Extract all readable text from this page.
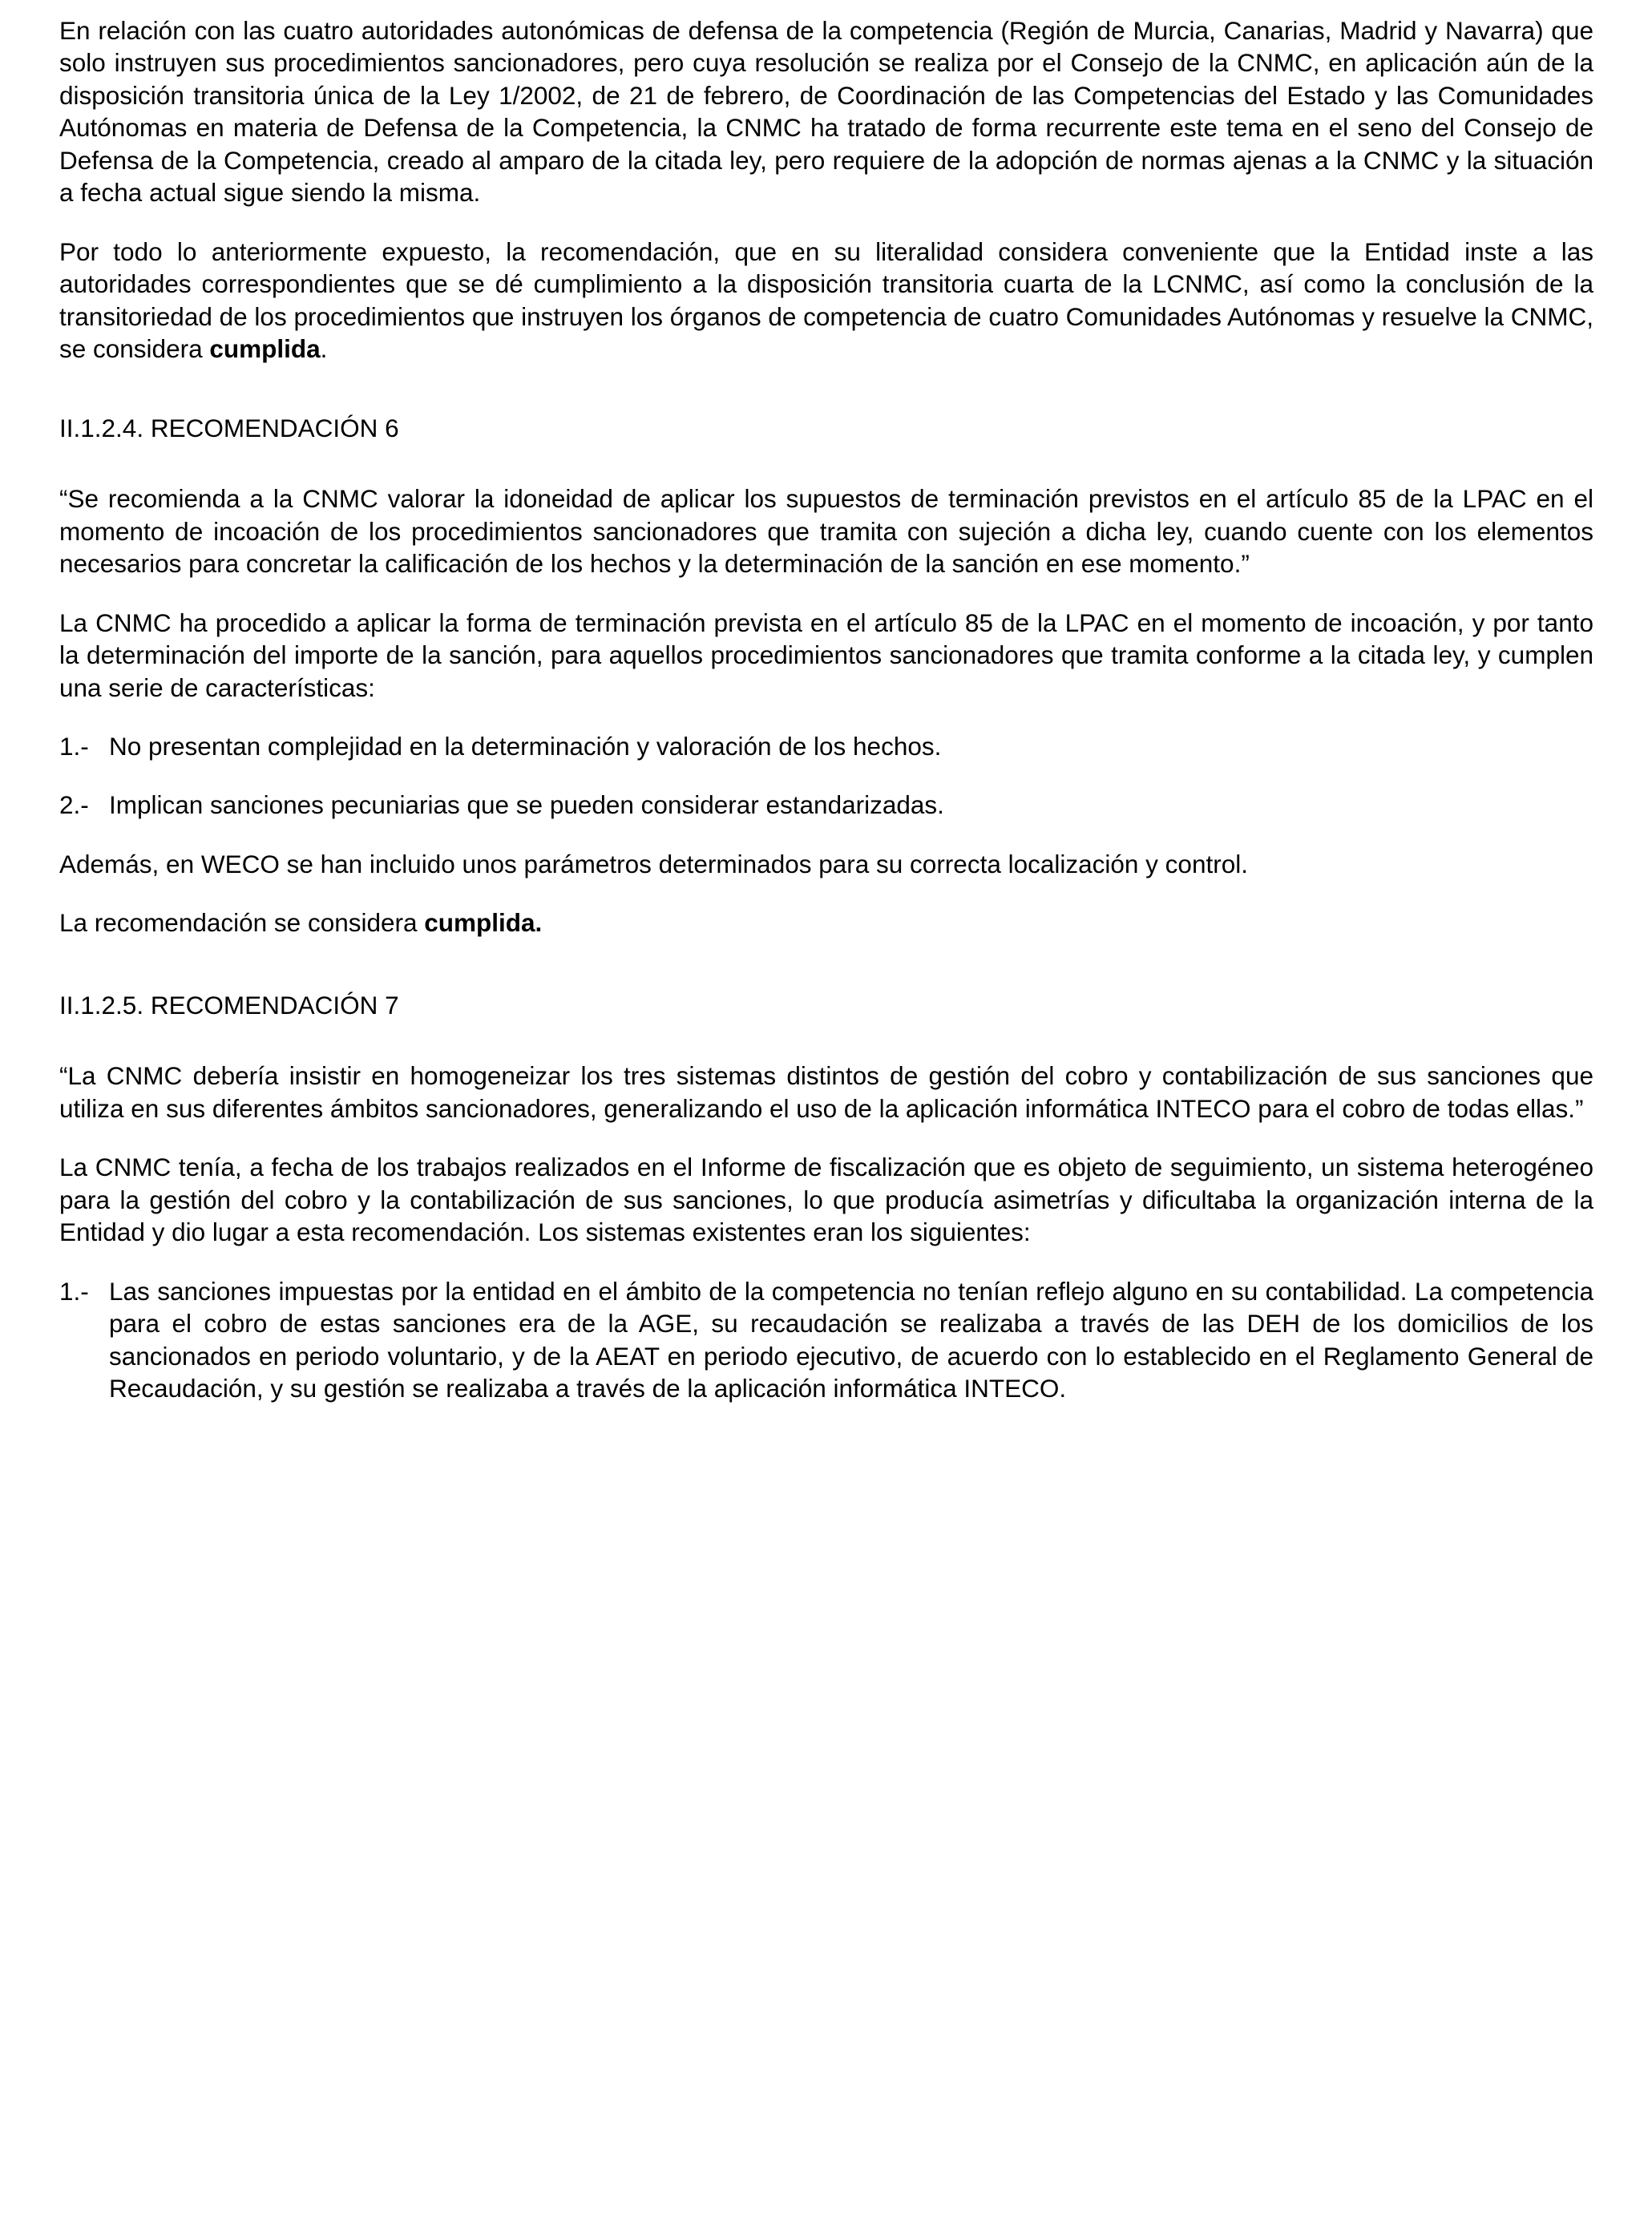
En relación con las cuatro autoridades autonómicas de defensa de la competencia (Región de Murcia, Canarias, Madrid y Navarra) que solo instruyen sus procedimientos sancionadores, pero cuya resolución se realiza por el Consejo de la CNMC, en aplicación aún de la disposición transitoria única de la Ley 1/2002, de 21 de febrero, de Coordinación de las Competencias del Estado y las Comunidades Autónomas en materia de Defensa de la Competencia, la CNMC ha tratado de forma recurrente este tema en el seno del Consejo de Defensa de la Competencia, creado al amparo de la citada ley, pero requiere de la adopción de normas ajenas a la CNMC y la situación a fecha actual sigue siendo la misma.

Por todo lo anteriormente expuesto, la recomendación, que en su literalidad considera conveniente que la Entidad inste a las autoridades correspondientes que se dé cumplimiento a la disposición transitoria cuarta de la LCNMC, así como la conclusión de la transitoriedad de los procedimientos que instruyen los órganos de competencia de cuatro Comunidades Autónomas y resuelve la CNMC, se considera cumplida.

II.1.2.4. RECOMENDACIÓN 6

“Se recomienda a la CNMC valorar la idoneidad de aplicar los supuestos de terminación previstos en el artículo 85 de la LPAC en el momento de incoación de los procedimientos sancionadores que tramita con sujeción a dicha ley, cuando cuente con los elementos necesarios para concretar la calificación de los hechos y la determinación de la sanción en ese momento.”

La CNMC ha procedido a aplicar la forma de terminación prevista en el artículo 85 de la LPAC en el momento de incoación, y por tanto la determinación del importe de la sanción, para aquellos procedimientos sancionadores que tramita conforme a la citada ley, y cumplen una serie de características:

1.- No presentan complejidad en la determinación y valoración de los hechos.
2.- Implican sanciones pecuniarias que se pueden considerar estandarizadas.

Además, en WECO se han incluido unos parámetros determinados para su correcta localización y control.

La recomendación se considera cumplida.

II.1.2.5. RECOMENDACIÓN 7

“La CNMC debería insistir en homogeneizar los tres sistemas distintos de gestión del cobro y contabilización de sus sanciones que utiliza en sus diferentes ámbitos sancionadores, generalizando el uso de la aplicación informática INTECO para el cobro de todas ellas.”

La CNMC tenía, a fecha de los trabajos realizados en el Informe de fiscalización que es objeto de seguimiento, un sistema heterogéneo para la gestión del cobro y la contabilización de sus sanciones, lo que producía asimetrías y dificultaba la organización interna de la Entidad y dio lugar a esta recomendación. Los sistemas existentes eran los siguientes:

1.- Las sanciones impuestas por la entidad en el ámbito de la competencia no tenían reflejo alguno en su contabilidad. La competencia para el cobro de estas sanciones era de la AGE, su recaudación se realizaba a través de las DEH de los domicilios de los sancionados en periodo voluntario, y de la AEAT en periodo ejecutivo, de acuerdo con lo establecido en el Reglamento General de Recaudación, y su gestión se realizaba a través de la aplicación informática INTECO.
